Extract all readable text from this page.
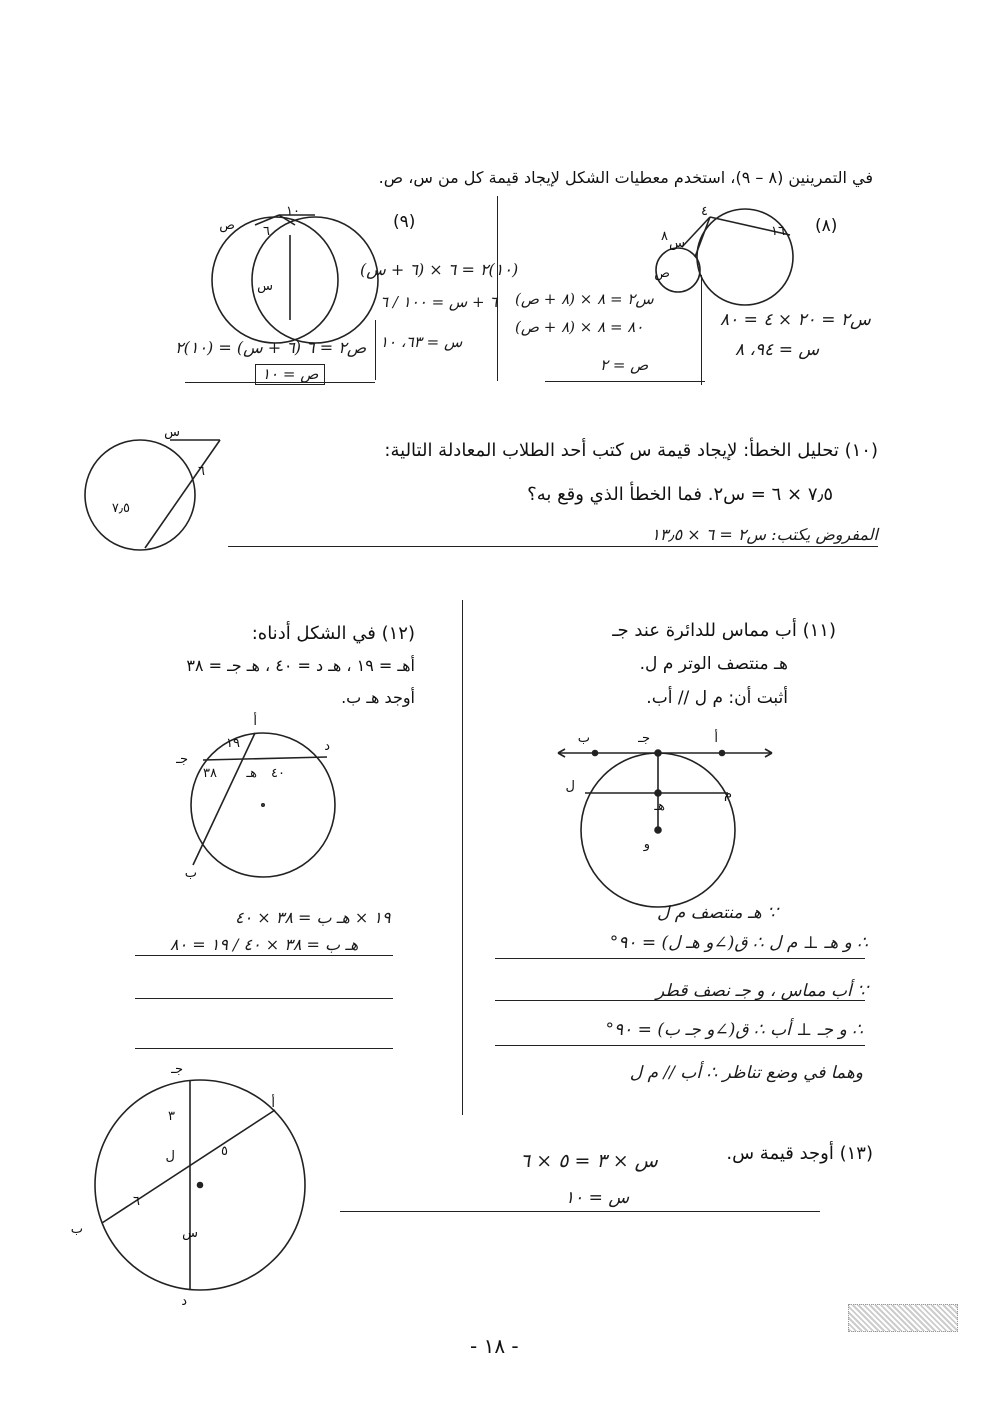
في التمرينين (٨ – ٩)، استخدم معطيات الشكل لإيجاد قيمة كل من س، ص.
ص
١٠
٦
س
(٩)
(١٠)٢ = ٦ × (٦ + س)
٦ + س = ١٠٠ / ٦
س = ٦٣، ١٠
ص٢ = ٦ (٦ + س) = (١٠)٢
ص = ١٠
١٦
٤
٨ س
ص
(٨)
س٢ = ٢٠ × ٤ = ٨٠
س = ٩٤، ٨
س٢ = ٨ × (٨ + ص)
٨٠ = ٨ × (٨ + ص)
ص = ٢
س
٦
٧٫٥
(١٠) تحليل الخطأ: لإيجاد قيمة س كتب أحد الطلاب المعادلة التالية:
٧٫٥ × ٦ = س٢. فما الخطأ الذي وقع به؟
المفروض يكتب: س٢ = ٦ × ١٣٫٥
(١٢) في الشكل أدناه:
أهـ = ١٩ ، هـ د = ٤٠ ، هـ جـ = ٣٨
أوجد هـ ب.
أ
د
جـ
ب
هـ
١٩
٤٠
٣٨
١٩ × هـ ب = ٣٨ × ٤٠
هـ ب = ٣٨ × ٤٠ / ١٩ = ٨٠
(١١) أب مماس للدائرة عند جـ
هـ منتصف الوتر م ل.
أثبت أن: م ل // أب.
ب	جـ	أ
ل
م
هـ
و
∵ هـ منتصف م ل
∴ و هـ ⊥ م ل ∴ ق(∠و هـ ل) = ٩٠°
∵ أب مماس ، و جـ نصف قطر
∴ و جـ ⊥ أب ∴ ق(∠و جـ ب) = ٩٠°
وهما في وضع تناظر ∴ أب // م ل
جـ
أ
ب
د
ل
٣
٥
٦
س
(١٣) أوجد قيمة س.
س × ٣ = ٥ × ٦
س = ١٠
- ١٨ -
